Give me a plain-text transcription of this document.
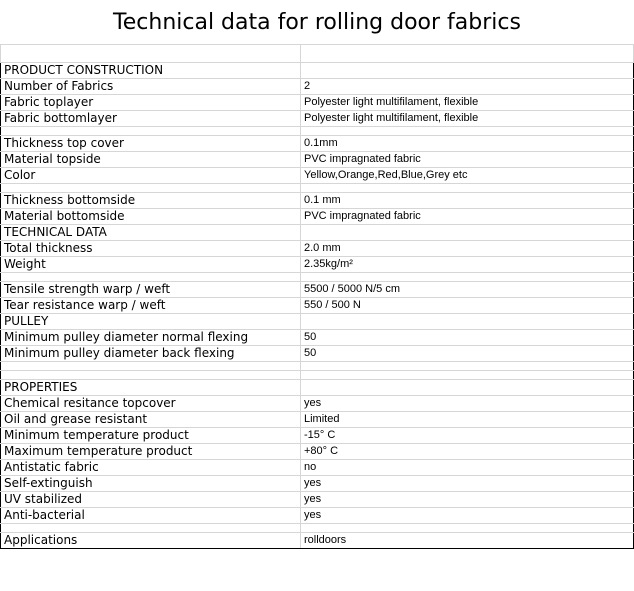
Technical data for rolling door fabrics

PRODUCT CONSTRUCTION	
Number of Fabrics	2
Fabric toplayer	Polyester light multifilament, flexible
Fabric bottomlayer	Polyester light multifilament, flexible

Thickness top cover	0.1mm
Material topside	PVC impragnated fabric
Color	Yellow,Orange,Red,Blue,Grey etc

Thickness bottomside	0.1 mm
Material bottomside	PVC impragnated fabric
TECHNICAL DATA	
Total thickness	2.0 mm
Weight	2.35kg/m²

Tensile strength warp / weft	5500 / 5000 N/5 cm
Tear resistance warp / weft	550 / 500 N
PULLEY	
Minimum pulley diameter normal flexing	50
Minimum pulley diameter back flexing	50

PROPERTIES	
Chemical resitance topcover	yes
Oil and grease resistant	Limited
Minimum temperature product	-15° C
Maximum temperature product	+80° C
Antistatic fabric	no
Self-extinguish	yes
UV stabilized	yes
Anti-bacterial	yes

Applications	rolldoors
